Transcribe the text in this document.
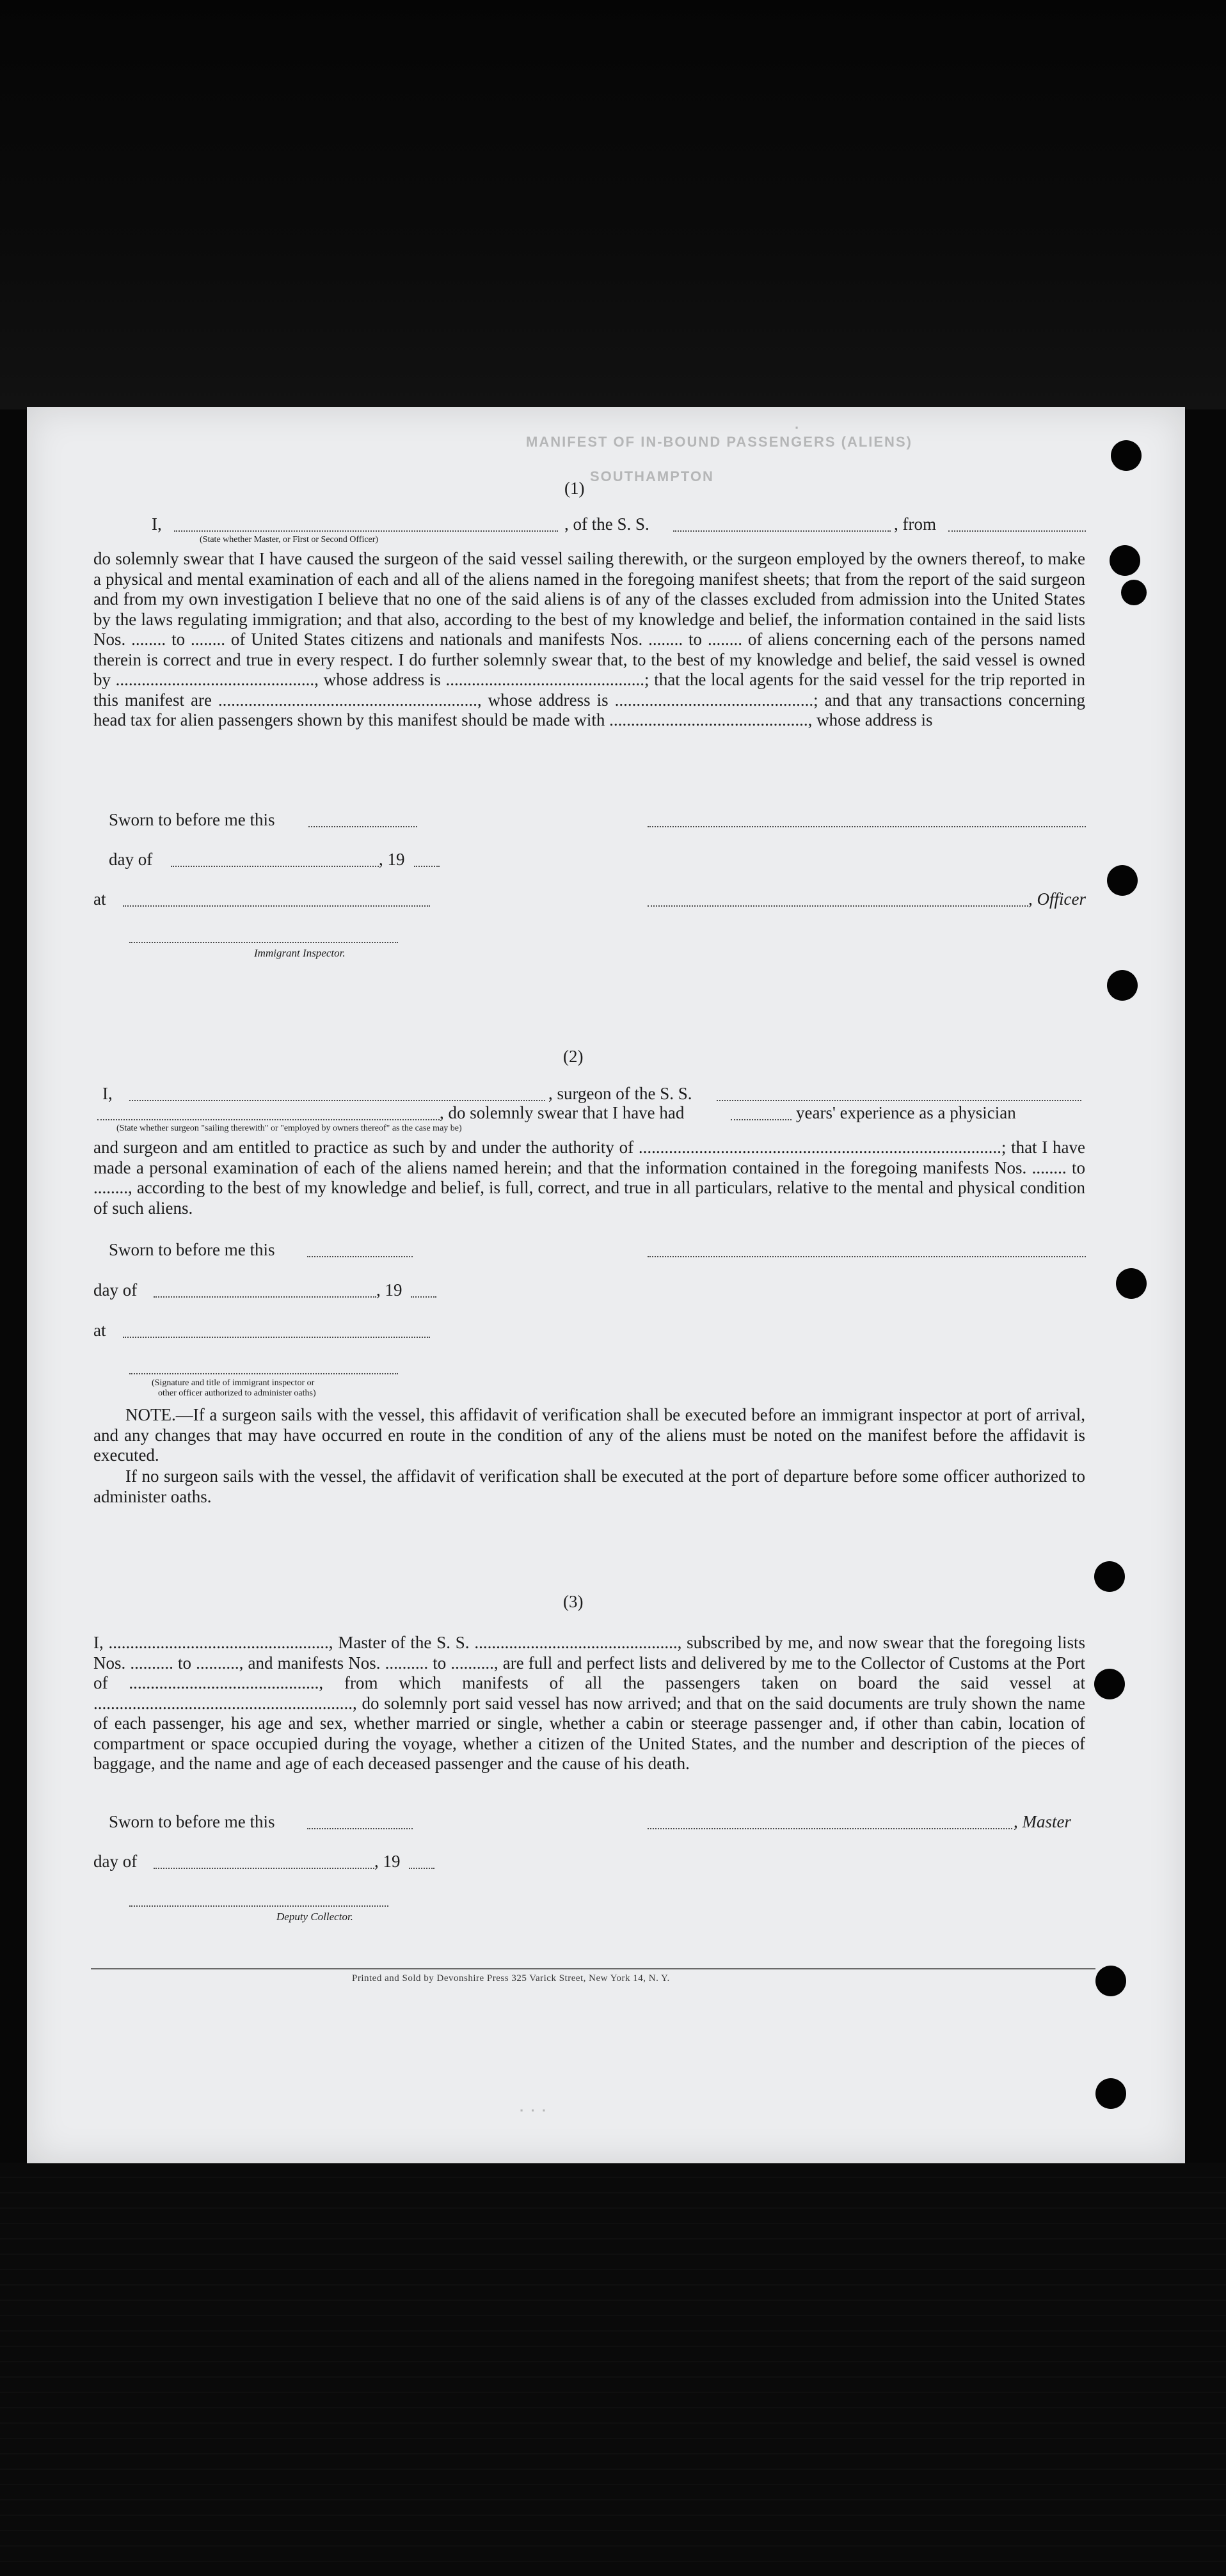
MANIFEST OF IN-BOUND PASSENGERS (ALIENS)
SOUTHAMPTON
·
(1)
I,	, of the S. S.	, from
(State whether Master, or First or Second Officer)
do solemnly swear that I have caused the surgeon of the said vessel sailing therewith, or the surgeon employed by the owners thereof, to make a physical and mental examination of each and all of the aliens named in the foregoing manifest sheets; that from the report of the said surgeon and from my own investigation I believe that no one of the said aliens is of any of the classes excluded from admission into the United States by the laws regulating immigration; and that also, according to the best of my knowledge and belief, the information contained in the said lists Nos. ........ to ........ of United States citizens and nationals and manifests Nos. ........ to ........ of aliens concerning each of the persons named therein is correct and true in every respect. I do further solemnly swear that, to the best of my knowledge and belief, the said vessel is owned by .............................................., whose address is ..............................................; that the local agents for the said vessel for the trip reported in this manifest are ............................................................, whose address is ..............................................; and that any transactions concerning head tax for alien passengers shown by this manifest should be made with .............................................., whose address is
Sworn to before me this
day of	, 19
at	, Officer
Immigrant Inspector.
(2)
I,	, surgeon of the S. S.
, do solemnly swear that I have had	years' experience as a physician
(State whether surgeon "sailing therewith" or "employed by owners thereof" as the case may be)
and surgeon and am entitled to practice as such by and under the authority of ....................................................................................; that I have made a personal examination of each of the aliens named herein; and that the information contained in the foregoing manifests Nos. ........ to ........, according to the best of my knowledge and belief, is full, correct, and true in all particulars, relative to the mental and physical condition of such aliens.
Sworn to before me this
day of	, 19
at
(Signature and title of immigrant inspector or
other officer authorized to administer oaths)
NOTE.—If a surgeon sails with the vessel, this affidavit of verification shall be executed before an immigrant inspector at port of arrival, and any changes that may have occurred en route in the condition of any of the aliens must be noted on the manifest before the affidavit is executed.
If no surgeon sails with the vessel, the affidavit of verification shall be executed at the port of departure before some officer authorized to administer oaths.
(3)
I, ..................................................., Master of the S. S. ..............................................., subscribed by me, and now swear that the foregoing lists Nos. .......... to .........., and manifests Nos. .......... to .........., are full and perfect lists and delivered by me to the Collector of Customs at the Port of ............................................, from which manifests of all the passengers taken on board the said vessel at ............................................................, do solemnly port said vessel has now arrived; and that on the said documents are truly shown the name of each passenger, his age and sex, whether married or single, whether a cabin or steerage passenger and, if other than cabin, location of compartment or space occupied during the voyage, whether a citizen of the United States, and the number and description of the pieces of baggage, and the name and age of each deceased passenger and the cause of his death.
Sworn to before me this	, Master
day of	, 19
Deputy Collector.
Printed and Sold by Devonshire Press 325 Varick Street, New York 14, N. Y.
· · ·
